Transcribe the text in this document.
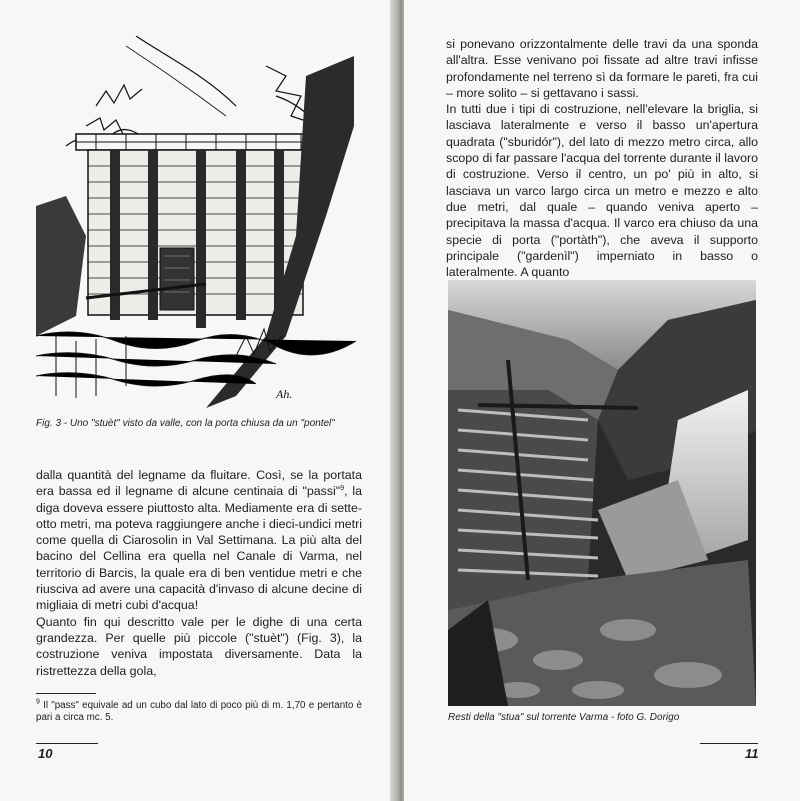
Ah.
Fig. 3 - Uno "stuèt" visto da valle, con la porta chiusa da un "pontel"

dalla quantità del legname da fluitare. Così, se la portata era bassa ed il legname di alcune centinaia di "passi"$^9$, la diga doveva essere piuttosto alta. Mediamente era di sette-otto metri, ma poteva raggiungere anche i dieci-undici metri come quella di Ciarosolin in Val Settimana. La più alta del bacino del Cellina era quella nel Canale di Varma, nel territorio di Barcis, la quale era di ben ventidue metri e che riusciva ad avere una capacità d'invaso di alcune decine di migliaia di metri cubi d'acqua!

Quanto fin qui descritto vale per le dighe di una certa grandezza. Per quelle più piccole ("stuèt") (Fig. 3), la costruzione veniva impostata diversamente. Data la ristrettezza della gola,

$^9$ Il "pass" equivale ad un cubo dal lato di poco più di m. 1,70 e pertanto è pari a circa mc. 5.
10

si ponevano orizzontalmente delle travi da una sponda all'altra. Esse venivano poi fissate ad altre travi infisse profondamente nel terreno sì da formare le pareti, fra cui – more solito – si gettavano i sassi.

In tutti due i tipi di costruzione, nell'elevare la briglia, si lasciava lateralmente e verso il basso un'apertura quadrata ("sburidór"), del lato di mezzo metro circa, allo scopo di far passare l'acqua del torrente durante il lavoro di costruzione. Verso il centro, un po' più in alto, si lasciava un varco largo circa un metro e mezzo e alto due metri, dal quale – quando veniva aperto – precipitava la massa d'acqua. Il varco era chiuso da una specie di porta ("portàth"), che aveva il supporto principale ("gardenìl") imperniato in basso o lateralmente. A quanto

Resti della "stua" sul torrente Varma - foto G. Dorigo
11
